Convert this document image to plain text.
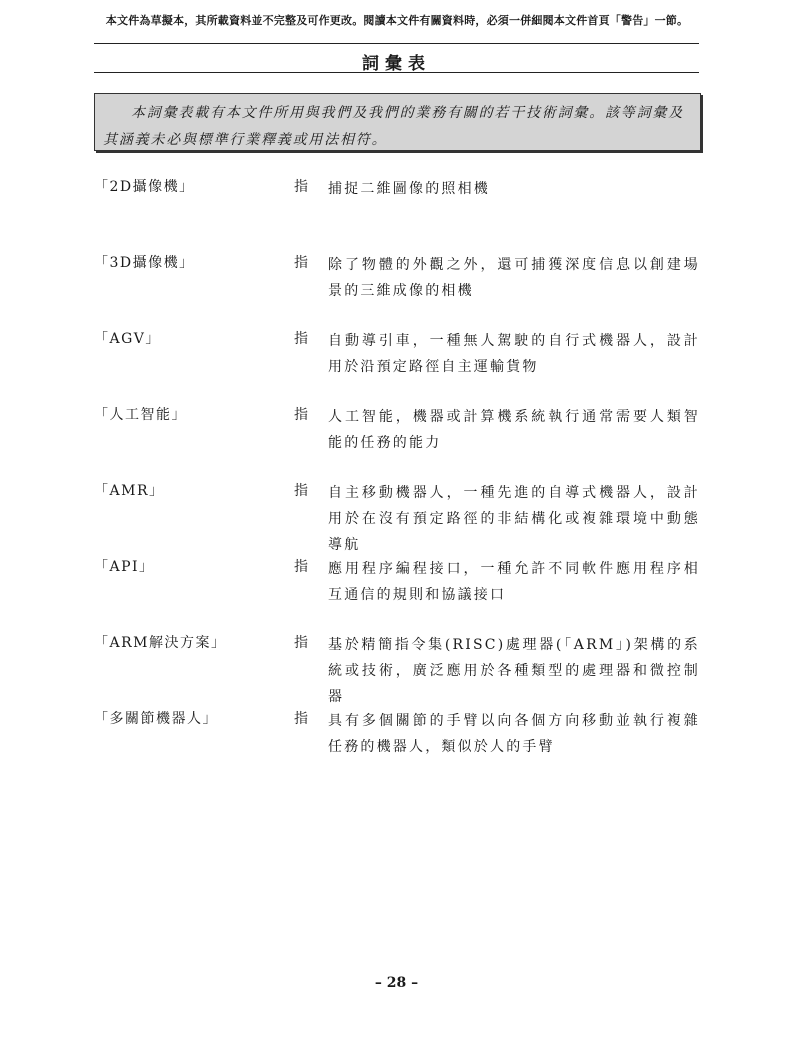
本文件為草擬本，其所載資料並不完整及可作更改。閱讀本文件有關資料時，必須一併細閱本文件首頁「警告」一節。
詞彙表

本詞彙表載有本文件所用與我們及我們的業務有關的若干技術詞彙。該等詞彙及其涵義未必與標準行業釋義或用法相符。

「2D攝像機」	指 捕捉二維圖像的照相機
「3D攝像機」	指 除了物體的外觀之外，還可捕獲深度信息以創建場景的三維成像的相機
「AGV」	指 自動導引車，一種無人駕駛的自行式機器人，設計用於沿預定路徑自主運輸貨物
「人工智能」	指 人工智能，機器或計算機系統執行通常需要人類智能的任務的能力
「AMR」	指 自主移動機器人，一種先進的自導式機器人，設計用於在沒有預定路徑的非結構化或複雜環境中動態導航
「API」	指 應用程序編程接口，一種允許不同軟件應用程序相互通信的規則和協議接口
「ARM解決方案」	指 基於精簡指令集(RISC)處理器(「ARM」)架構的系統或技術，廣泛應用於各種類型的處理器和微控制器
「多關節機器人」	指 具有多個關節的手臂以向各個方向移動並執行複雜任務的機器人，類似於人的手臂
– 28 –
